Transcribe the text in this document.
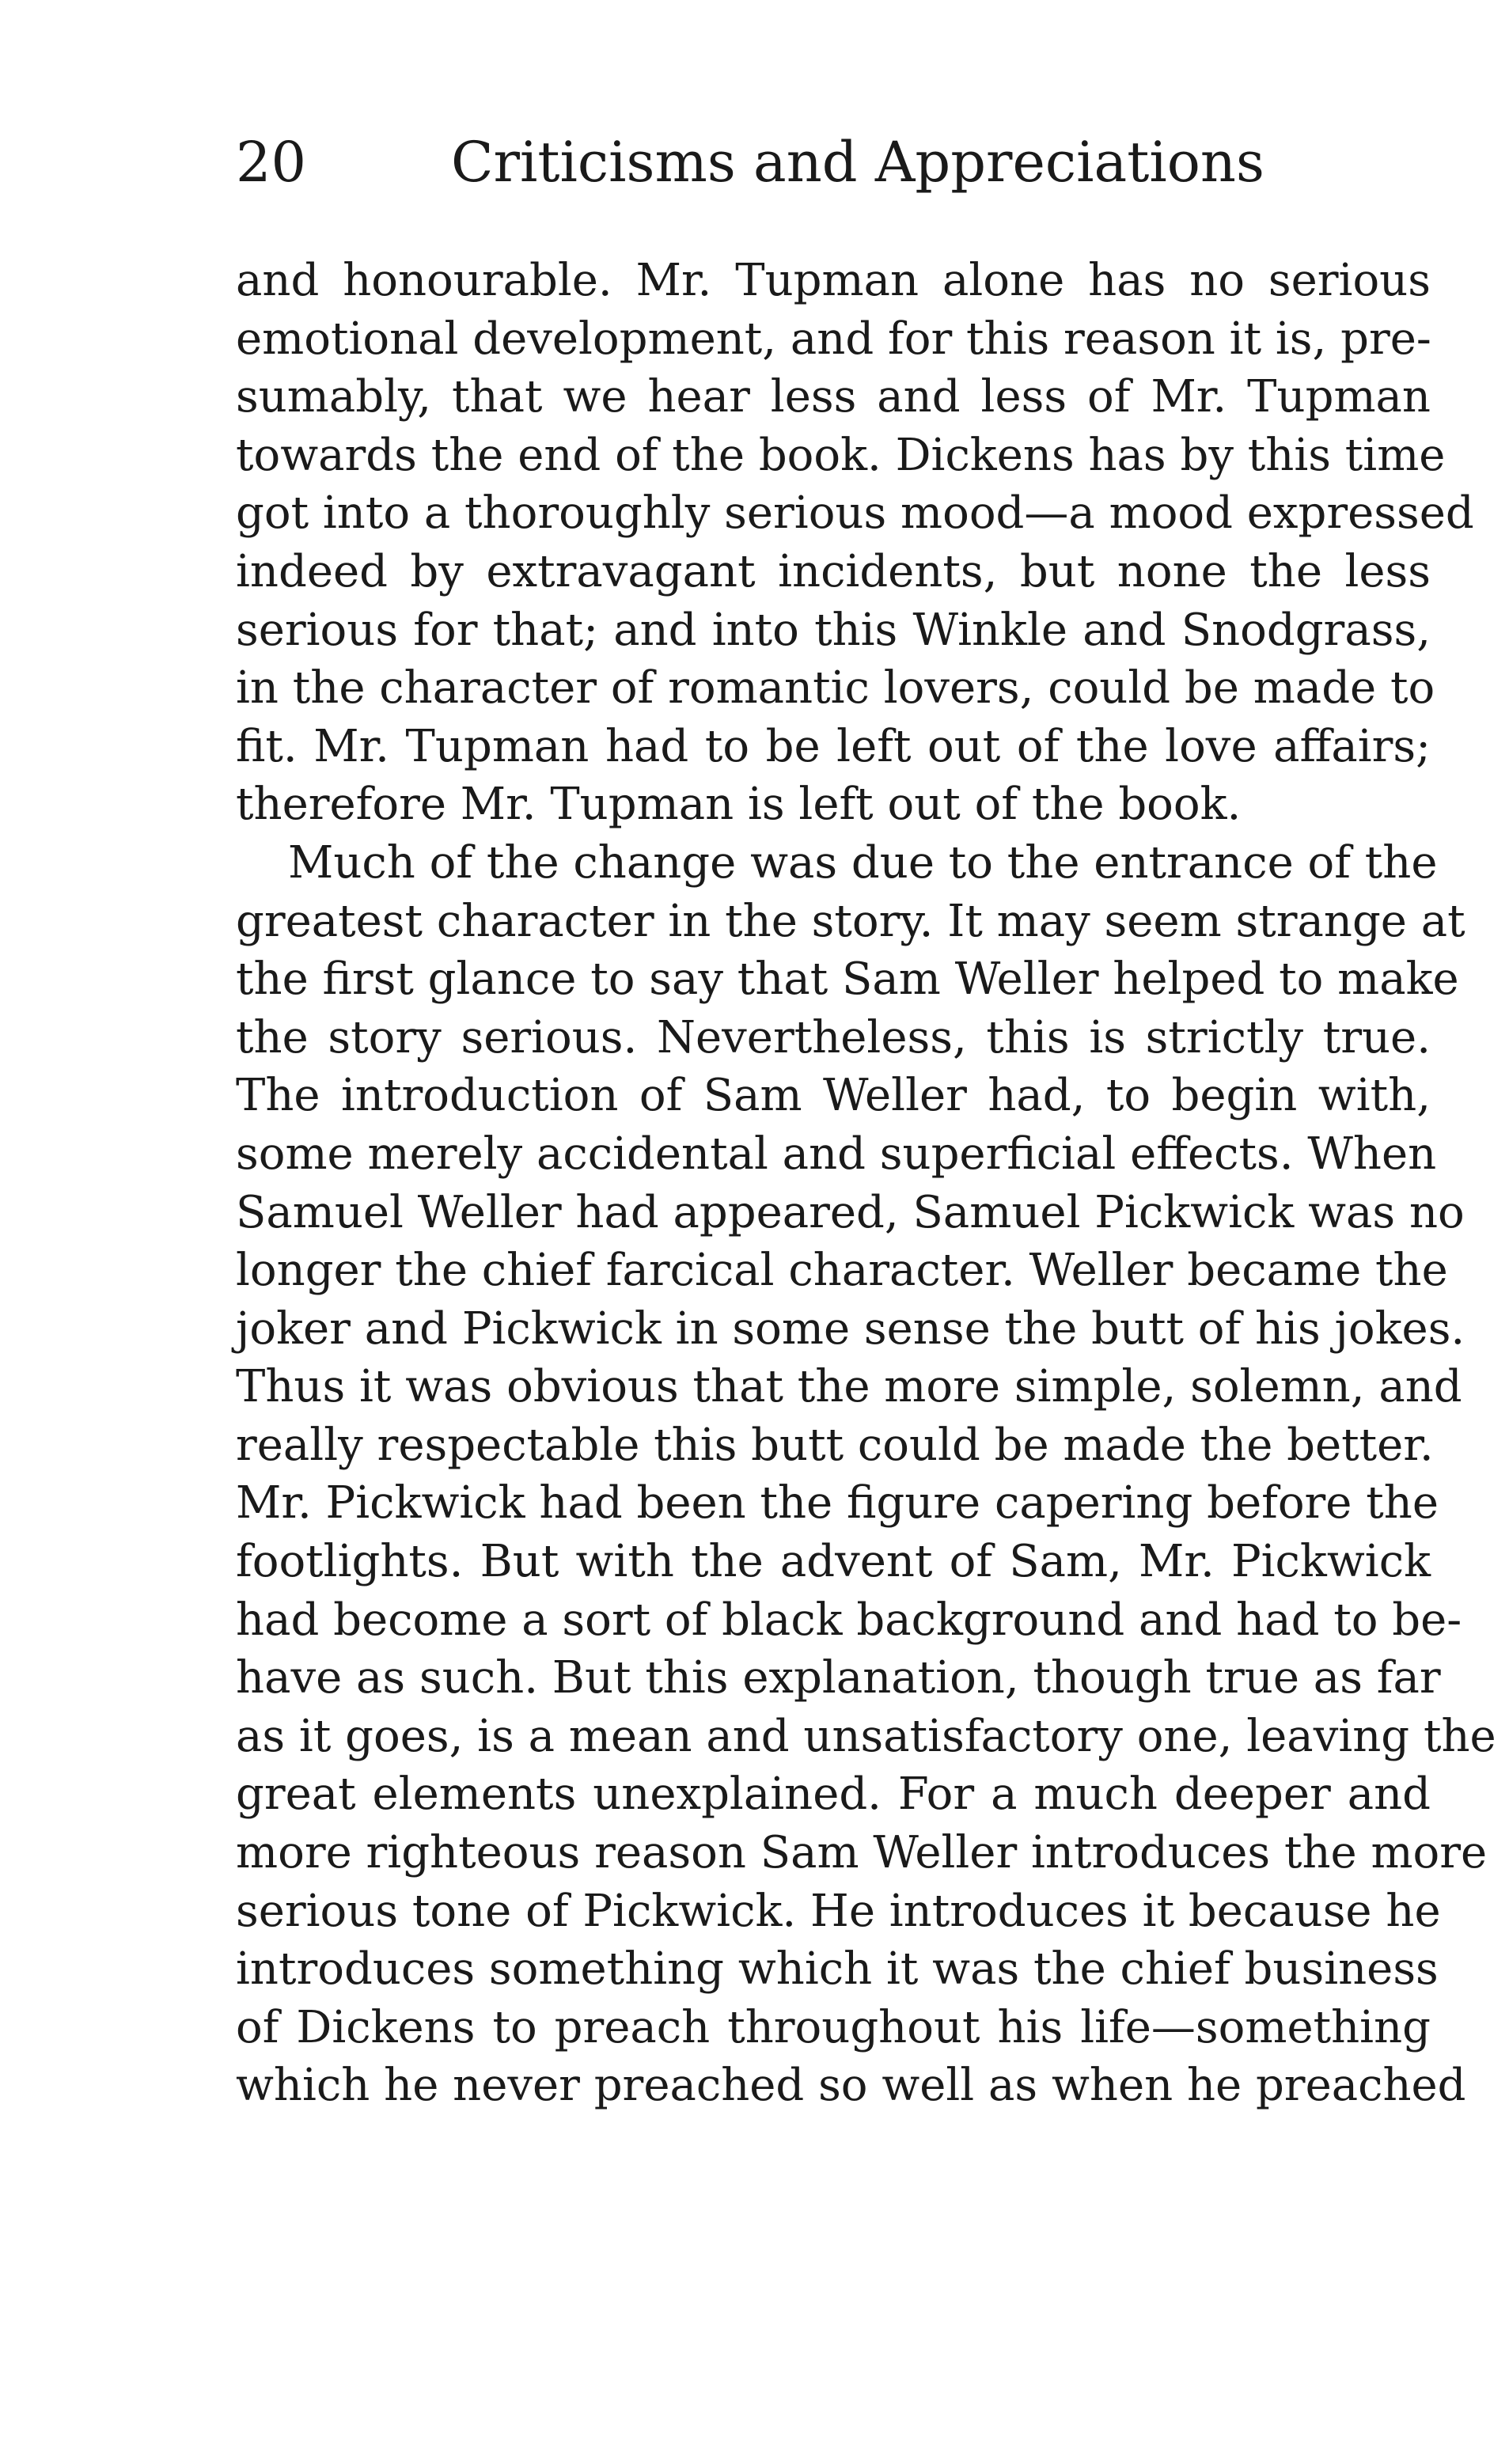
20	Criticisms and Appreciations
and honourable. Mr. Tupman alone has no serious
emotional development, and for this reason it is, pre-
sumably, that we hear less and less of Mr. Tupman
towards the end of the book. Dickens has by this time
got into a thoroughly serious mood—a mood expressed
indeed by extravagant incidents, but none the less
serious for that; and into this Winkle and Snodgrass,
in the character of romantic lovers, could be made to
fit. Mr. Tupman had to be left out of the love affairs;
therefore Mr. Tupman is left out of the book.
Much of the change was due to the entrance of the
greatest character in the story. It may seem strange at
the first glance to say that Sam Weller helped to make
the story serious. Nevertheless, this is strictly true.
The introduction of Sam Weller had, to begin with,
some merely accidental and superficial effects. When
Samuel Weller had appeared, Samuel Pickwick was no
longer the chief farcical character. Weller became the
joker and Pickwick in some sense the butt of his jokes.
Thus it was obvious that the more simple, solemn, and
really respectable this butt could be made the better.
Mr. Pickwick had been the figure capering before the
footlights. But with the advent of Sam, Mr. Pickwick
had become a sort of black background and had to be-
have as such. But this explanation, though true as far
as it goes, is a mean and unsatisfactory one, leaving the
great elements unexplained. For a much deeper and
more righteous reason Sam Weller introduces the more
serious tone of Pickwick. He introduces it because he
introduces something which it was the chief business
of Dickens to preach throughout his life—something
which he never preached so well as when he preached
